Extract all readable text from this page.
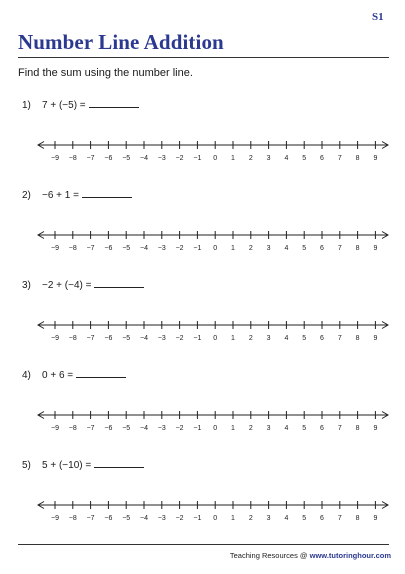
S1
Number Line Addition
Find the sum using the number line.
1) 7 + (−5) =
−9 −8 −7 −6 −5 −4 −3 −2 −1 0 1 2 3 4 5 6 7 8 9
2) −6 + 1 =
−9 −8 −7 −6 −5 −4 −3 −2 −1 0 1 2 3 4 5 6 7 8 9
3) −2 + (−4) =
−9 −8 −7 −6 −5 −4 −3 −2 −1 0 1 2 3 4 5 6 7 8 9
4) 0 + 6 =
−9 −8 −7 −6 −5 −4 −3 −2 −1 0 1 2 3 4 5 6 7 8 9
5) 5 + (−10) =
−9 −8 −7 −6 −5 −4 −3 −2 −1 0 1 2 3 4 5 6 7 8 9
Teaching Resources @ www.tutoringhour.com
